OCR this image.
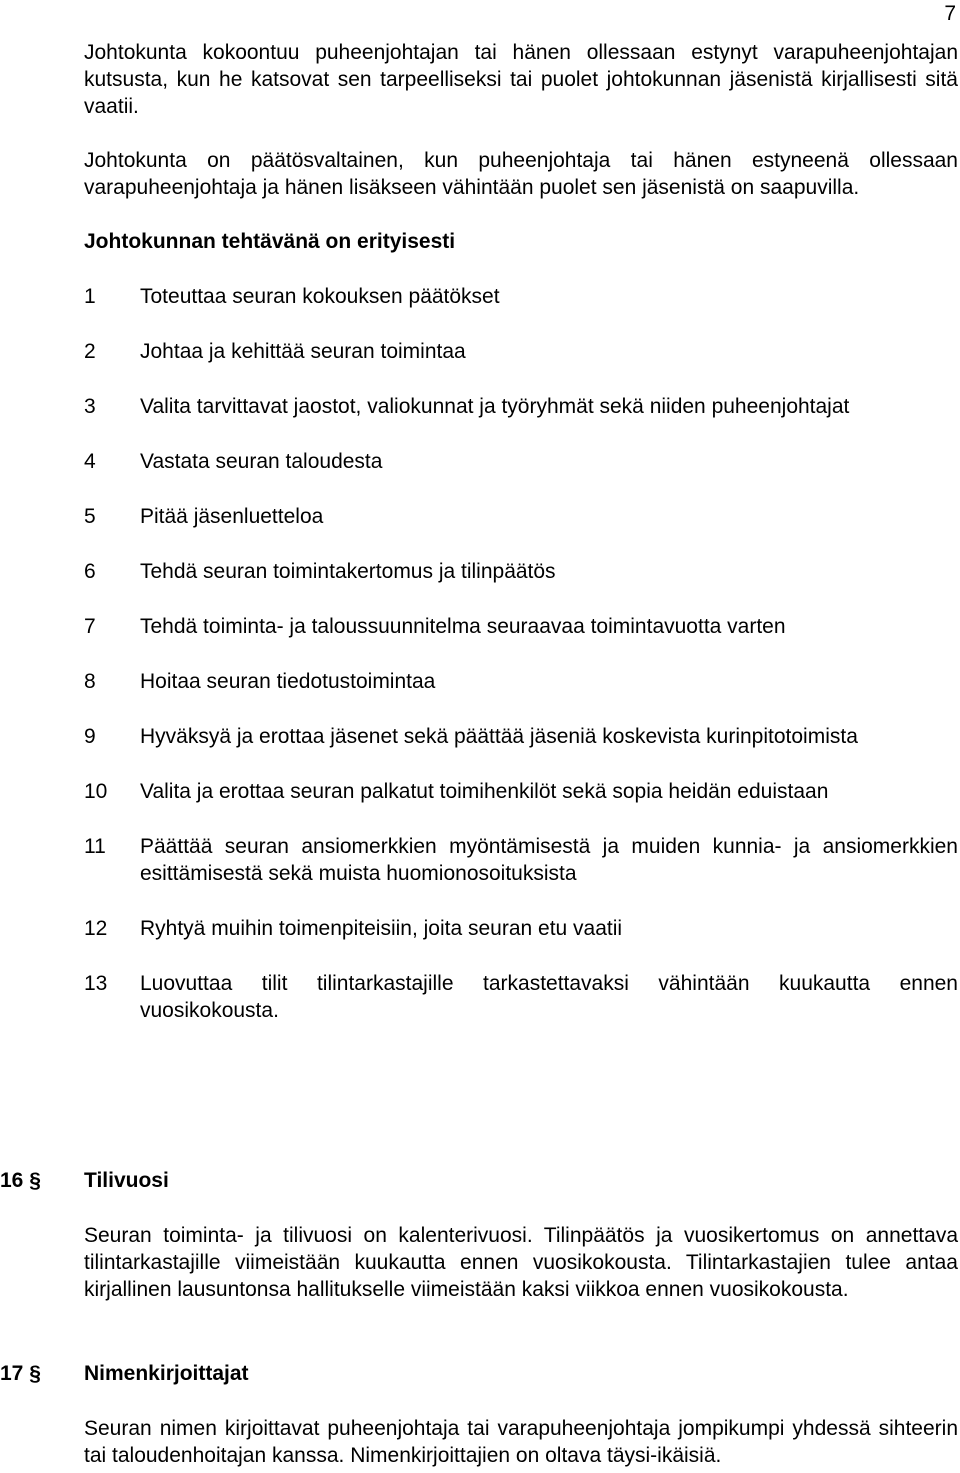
7

Johtokunta kokoontuu puheenjohtajan tai hänen ollessaan estynyt varapuheenjohtajan kutsusta, kun he katsovat sen tarpeelliseksi tai puolet johtokunnan jäsenistä kirjallisesti sitä vaatii.

Johtokunta on päätösvaltainen, kun puheenjohtaja tai hänen estyneenä ollessaan varapuheenjohtaja ja hänen lisäkseen vähintään puolet sen jäsenistä on saapuvilla.

Johtokunnan tehtävänä on erityisesti

1	Toteuttaa seuran kokouksen päätökset
2	Johtaa ja kehittää seuran toimintaa
3	Valita tarvittavat jaostot, valiokunnat ja työryhmät sekä niiden puheenjohtajat
4	Vastata seuran taloudesta
5	Pitää jäsenluetteloa
6	Tehdä seuran toimintakertomus ja tilinpäätös
7	Tehdä toiminta- ja taloussuunnitelma seuraavaa toimintavuotta varten
8	Hoitaa seuran tiedotustoimintaa
9	Hyväksyä ja erottaa jäsenet sekä päättää jäseniä koskevista kurinpitotoimista
10	Valita ja erottaa seuran palkatut toimihenkilöt sekä sopia heidän eduistaan
11	Päättää seuran ansiomerkkien myöntämisestä ja muiden kunnia- ja ansiomerkkien esittämisestä sekä muista huomionosoituksista
12	Ryhtyä muihin toimenpiteisiin, joita seuran etu vaatii
13	Luovuttaa tilit tilintarkastajille tarkastettavaksi vähintään kuukautta ennen vuosikokousta.
16 §	Tilivuosi

Seuran toiminta- ja tilivuosi on kalenterivuosi. Tilinpäätös ja vuosikertomus on annettava tilintarkastajille viimeistään kuukautta ennen vuosikokousta. Tilintarkastajien tulee antaa kirjallinen lausuntonsa hallitukselle viimeistään kaksi viikkoa ennen vuosikokousta.

17 §	Nimenkirjoittajat

Seuran nimen kirjoittavat puheenjohtaja tai varapuheenjohtaja jompikumpi yhdessä sihteerin tai taloudenhoitajan kanssa. Nimenkirjoittajien on oltava täysi-ikäisiä.
